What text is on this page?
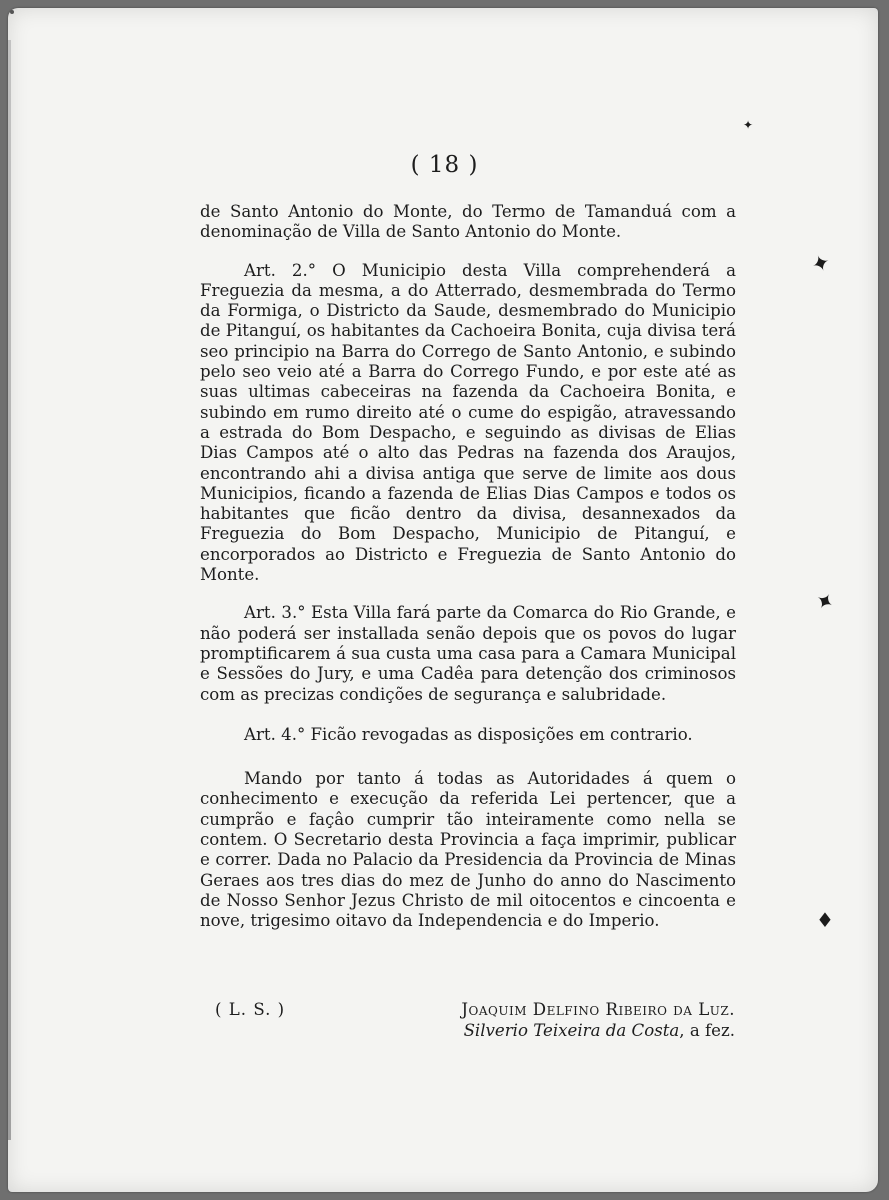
( 18 )

de Santo Antonio do Monte, do Termo de Tamanduá com a denominação de Villa de Santo Antonio do Monte.

Art. 2.° O Municipio desta Villa comprehenderá a Freguezia da mesma, a do Atterrado, desmembrada do Termo da Formiga, o Districto da Saude, desmembrado do Municipio de Pitanguí, os habitantes da Cachoeira Bonita, cuja divisa terá seo principio na Barra do Corrego de Santo Antonio, e subindo pelo seo veio até a Barra do Corrego Fundo, e por este até as suas ultimas cabeceiras na fazenda da Cachoeira Bonita, e subindo em rumo direito até o cume do espigão, atravessando a estrada do Bom Despacho, e seguindo as divisas de Elias Dias Campos até o alto das Pedras na fazenda dos Araujos, encontrando ahi a divisa antiga que serve de limite aos dous Municipios, ficando a fazenda de Elias Dias Campos e todos os habitantes que ficão dentro da divisa, desannexados da Freguezia do Bom Despacho, Municipio de Pitanguí, e encorporados ao Districto e Freguezia de Santo Antonio do Monte.

Art. 3.° Esta Villa fará parte da Comarca do Rio Grande, e não poderá ser installada senão depois que os povos do lugar promptificarem á sua custa uma casa para a Camara Municipal e Sessões do Jury, e uma Cadêa para detenção dos criminosos com as precizas condições de segurança e salubridade.

Art. 4.° Ficão revogadas as disposições em contrario.

Mando por tanto á todas as Autoridades á quem o conhecimento e execução da referida Lei pertencer, que a cumprão e façâo cumprir tão inteiramente como nella se contem. O Secretario desta Provincia a faça imprimir, publicar e correr. Dada no Palacio da Presidencia da Provincia de Minas Geraes aos tres dias do mez de Junho do anno do Nascimento de Nosso Senhor Jezus Christo de mil oitocentos e cincoenta e nove, trigesimo oitavo da Independencia e do Imperio.

( L. S. )	Joaquim Delfino Ribeiro da Luz.
Silverio Teixeira da Costa, a fez.
✦
✦
♦
✦
